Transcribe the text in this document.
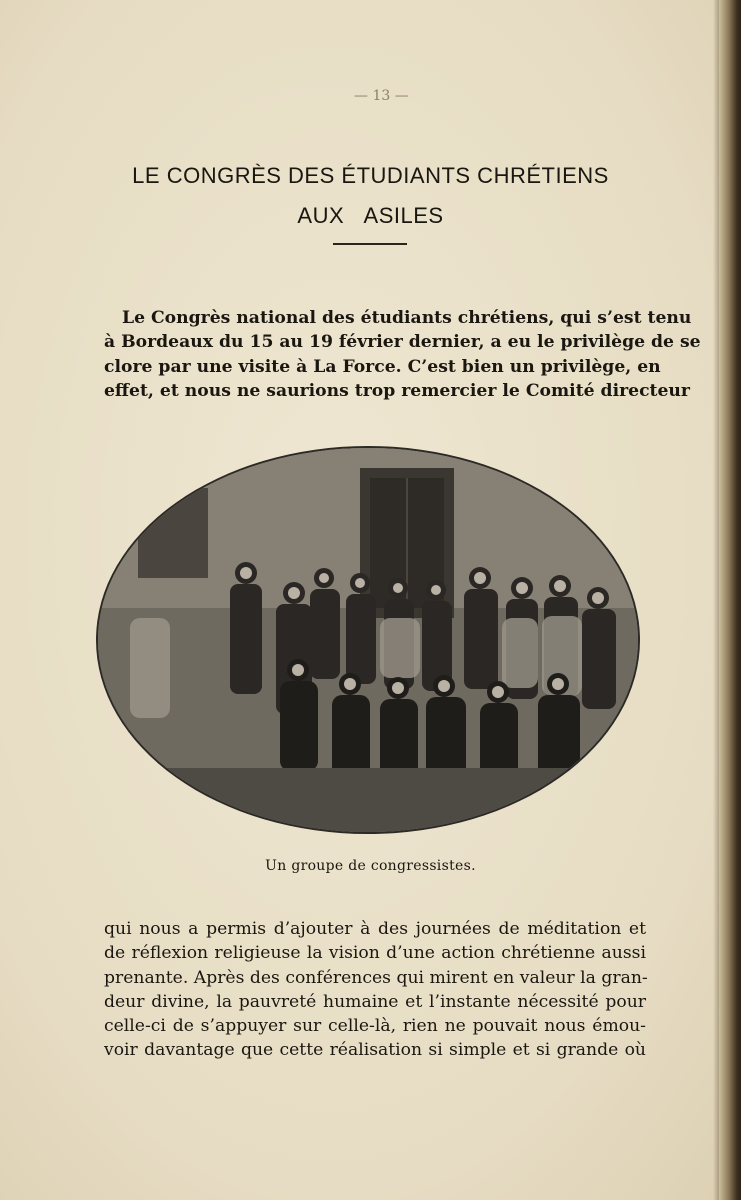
— 13 —
LE CONGRÈS DES ÉTUDIANTS CHRÉTIENS
AUX ASILES
Le Congrès national des étudiants chrétiens, qui s’est tenu
à Bordeaux du 15 au 19 février dernier, a eu le privilège de se
clore par une visite à La Force. C’est bien un privilège, en
effet, et nous ne saurions trop remercier le Comité directeur
Un groupe de congressistes.
qui nous a permis d’ajouter à des journées de méditation et
de réflexion religieuse la vision d’une action chrétienne aussi
prenante. Après des conférences qui mirent en valeur la gran-
deur divine, la pauvreté humaine et l’instante nécessité pour
celle-ci de s’appuyer sur celle-là, rien ne pouvait nous émou-
voir davantage que cette réalisation si simple et si grande où
